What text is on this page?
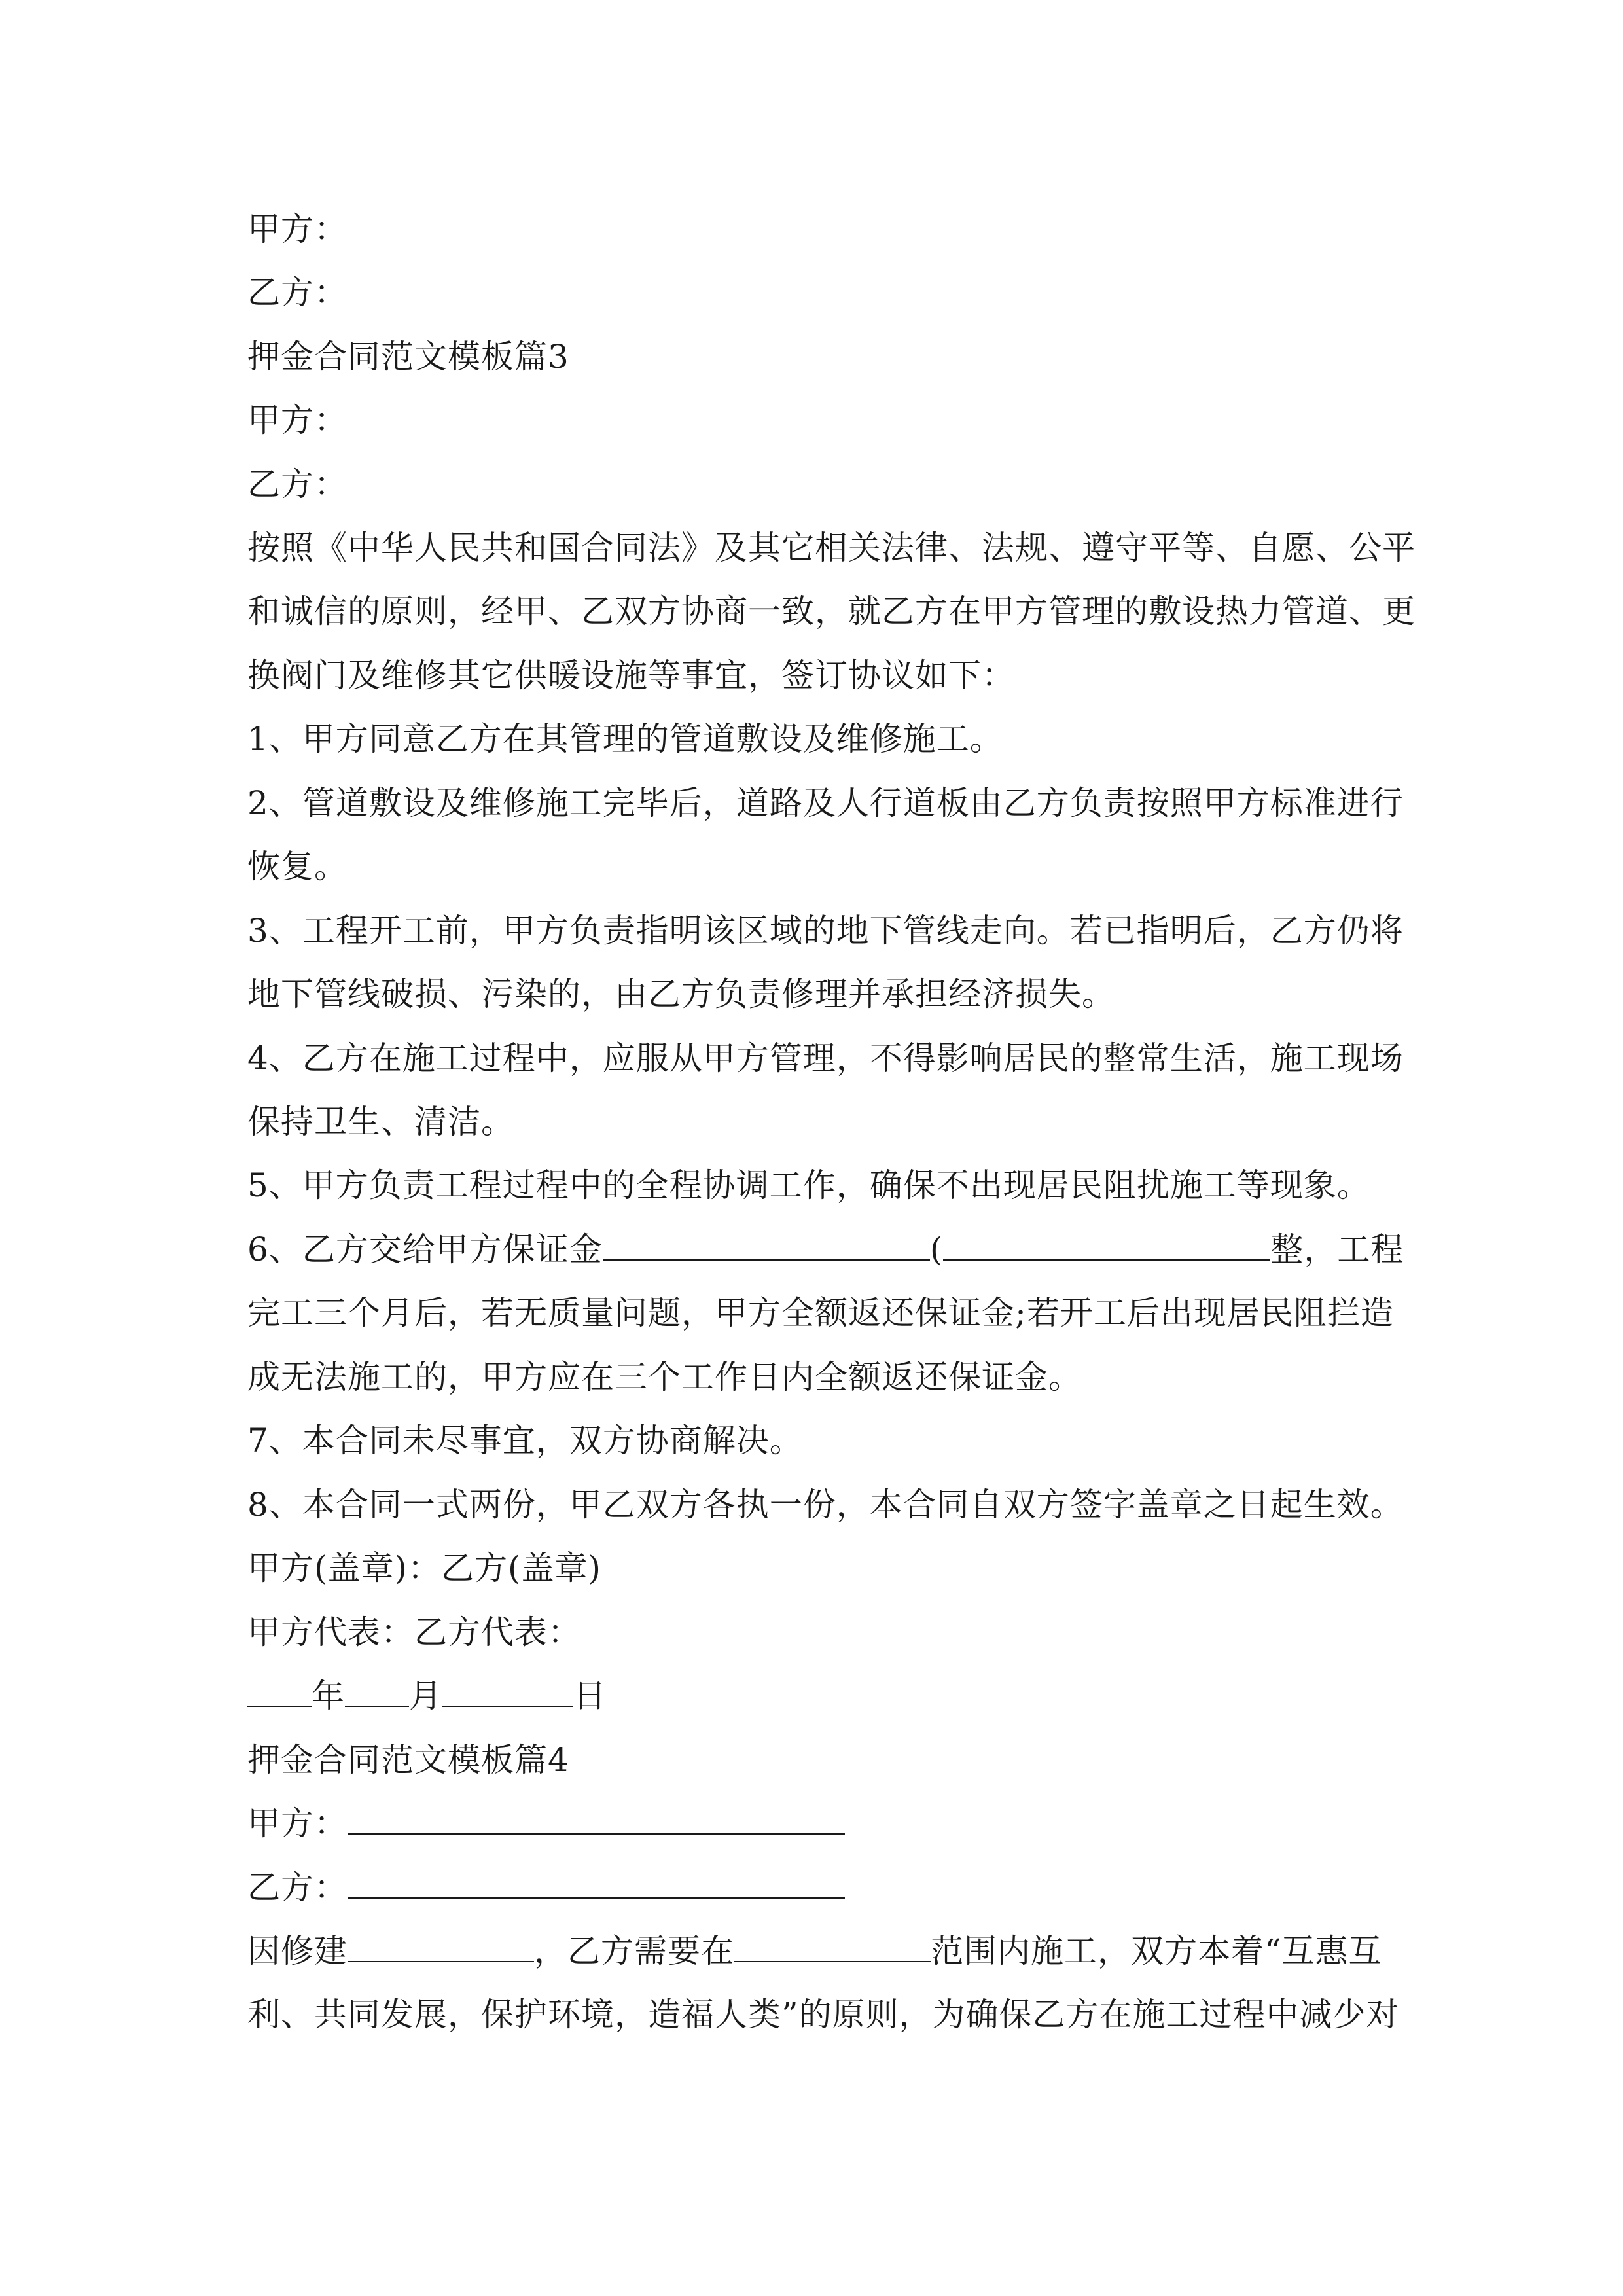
甲方：
乙方：
押金合同范文模板篇3
甲方：
乙方：
按照《中华人民共和国合同法》及其它相关法律、法规、遵守平等、自愿、公平
和诚信的原则，经甲、乙双方协商一致，就乙方在甲方管理的敷设热力管道、更
换阀门及维修其它供暖设施等事宜，签订协议如下：
1、甲方同意乙方在其管理的管道敷设及维修施工。
2、管道敷设及维修施工完毕后，道路及人行道板由乙方负责按照甲方标准进行
恢复。
3、工程开工前，甲方负责指明该区域的地下管线走向。若已指明后，乙方仍将
地下管线破损、污染的，由乙方负责修理并承担经济损失。
4、乙方在施工过程中，应服从甲方管理，不得影响居民的整常生活，施工现场
保持卫生、清洁。
5、甲方负责工程过程中的全程协调工作，确保不出现居民阻扰施工等现象。
6、乙方交给甲方保证金	(	整，工程
完工三个月后，若无质量问题，甲方全额返还保证金;若开工后出现居民阻拦造
成无法施工的，甲方应在三个工作日内全额返还保证金。
7、本合同未尽事宜，双方协商解决。
8、本合同一式两份，甲乙双方各执一份，本合同自双方签字盖章之日起生效。
甲方(盖章)：乙方(盖章)
甲方代表：乙方代表：
年 月	日
押金合同范文模板篇4
甲方：
乙方：
因修建	，乙方需要在	范围内施工，双方本着“互惠互
利、共同发展，保护环境，造福人类”的原则，为确保乙方在施工过程中减少对
